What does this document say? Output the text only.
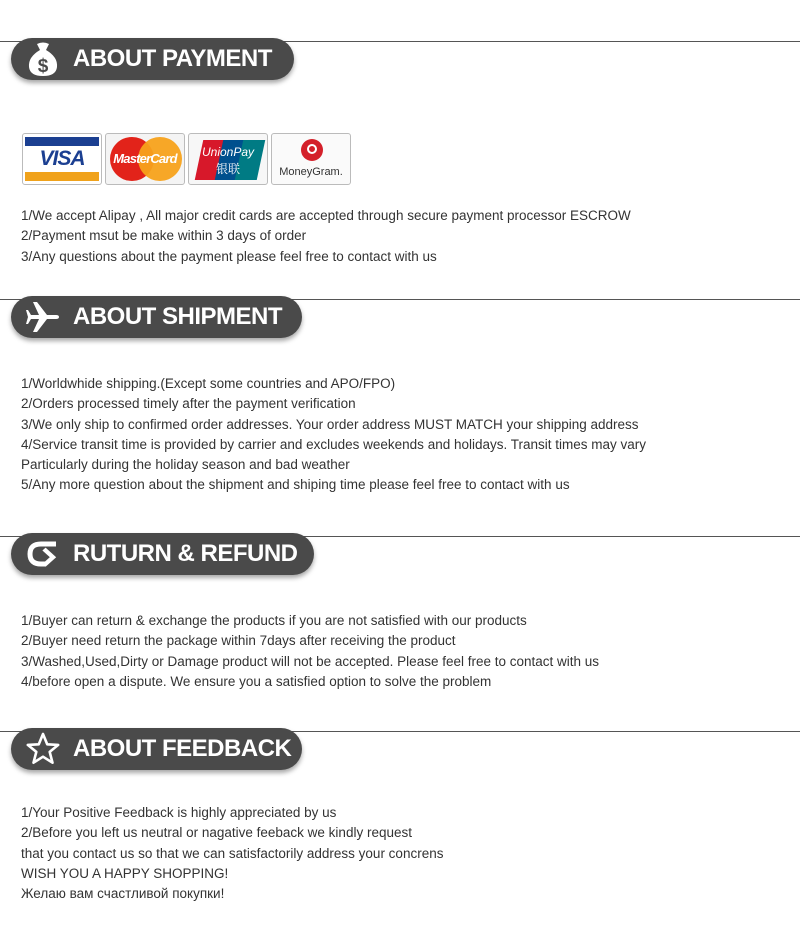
$ ABOUT PAYMENT
VISA	MasterCard	UnionPay
银联	MoneyGram.
1/We accept Alipay , All major credit cards are accepted through secure payment processor ESCROW
2/Payment msut be make within 3 days of order
3/Any questions about the payment please feel free to contact with us
ABOUT SHIPMENT
1/Worldwhide shipping.(Except some countries and APO/FPO)
2/Orders processed timely after the payment verification
3/We only ship to confirmed order addresses. Your order address MUST MATCH your shipping address
4/Service transit time is provided by carrier and excludes weekends and holidays. Transit times may vary
Particularly during the holiday season and bad weather
5/Any more question about the shipment and shiping time please feel free to contact with us
RUTURN & REFUND
1/Buyer can return & exchange the products if you are not satisfied with our products
2/Buyer need return the package within 7days after receiving the product
3/Washed,Used,Dirty or Damage product will not be accepted. Please feel free to contact with us
4/before open a dispute. We ensure you a satisfied option to solve the problem
ABOUT FEEDBACK
1/Your Positive Feedback is highly appreciated by us
2/Before you left us neutral or nagative feeback we kindly request
that you contact us so that we can satisfactorily address your concrens
WISH YOU A HAPPY SHOPPING!
Желаю вам счастливой покупки!
